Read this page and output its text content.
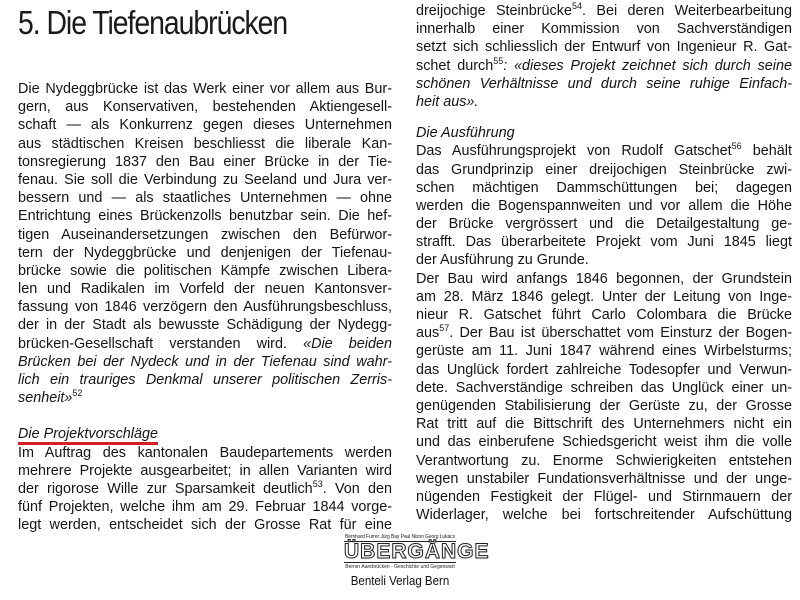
5. Die Tiefenaubrücken
Die Nydeggbrücke ist das Werk einer vor allem aus Bur-
gern, aus Konservativen, bestehenden Aktiengesell-
schaft — als Konkurrenz gegen dieses Unternehmen
aus städtischen Kreisen beschliesst die liberale Kan-
tonsregierung 1837 den Bau einer Brücke in der Tie-
fenau. Sie soll die Verbindung zu Seeland und Jura ver-
bessern und — als staatliches Unternehmen — ohne
Entrichtung eines Brückenzolls benutzbar sein. Die hef-
tigen Auseinandersetzungen zwischen den Befürwor-
tern der Nydeggbrücke und denjenigen der Tiefenau-
brücke sowie die politischen Kämpfe zwischen Libera-
len und Radikalen im Vorfeld der neuen Kantonsver-
fassung von 1846 verzögern den Ausführungsbeschluss,
der in der Stadt als bewusste Schädigung der Nydegg-
brücken-Gesellschaft verstanden wird. «Die beiden
Brücken bei der Nydeck und in der Tiefenau sind wahr-
lich ein trauriges Denkmal unserer politischen Zerris-
senheit»$^{52}$
Die Projektvorschläge
Im Auftrag des kantonalen Baudepartements werden
mehrere Projekte ausgearbeitet; in allen Varianten wird
der rigorose Wille zur Sparsamkeit deutlich$^{53}$. Von den
fünf Projekten, welche ihm am 29. Februar 1844 vorge-
legt werden, entscheidet sich der Grosse Rat für eine
dreijochige Steinbrücke$^{54}$. Bei deren Weiterbearbeitung
innerhalb einer Kommission von Sachverständigen
setzt sich schliesslich der Entwurf von Ingenieur R. Gat-
schet durch$^{55}$: «dieses Projekt zeichnet sich durch seine
schönen Verhältnisse und durch seine ruhige Einfach-
heit aus».
Die Ausführung
Das Ausführungsprojekt von Rudolf Gatschet$^{56}$ behält
das Grundprinzip einer dreijochigen Steinbrücke zwi-
schen mächtigen Dammschüttungen bei; dagegen
werden die Bogenspannweiten und vor allem die Höhe
der Brücke vergrössert und die Detailgestaltung ge-
strafft. Das überarbeitete Projekt vom Juni 1845 liegt
der Ausführung zu Grunde.
Der Bau wird anfangs 1846 begonnen, der Grundstein
am 28. März 1846 gelegt. Unter der Leitung von Inge-
nieur R. Gatschet führt Carlo Colombara die Brücke
aus$^{57}$. Der Bau ist überschattet vom Einsturz der Bogen-
gerüste am 11. Juni 1847 während eines Wirbelsturms;
das Unglück fordert zahlreiche Todesopfer und Verwun-
dete. Sachverständige schreiben das Unglück einer un-
genügenden Stabilisierung der Gerüste zu, der Grosse
Rat tritt auf die Bittschrift des Unternehmers nicht ein
und das einberufene Schiedsgericht weist ihm die volle
Verantwortung zu. Enorme Schwierigkeiten entstehen
wegen unstabiler Fundationsverhältnisse und der unge-
nügenden Festigkeit der Flügel- und Stirnmauern der
Widerlager, welche bei fortschreitender Aufschüttung
Bernhard Furrer Jürg Bay Paul Nizon Georg Lukács
ÜBERGÄNGE
Berner Aarebrücken - Geschichte und Gegenwart
Benteli Verlag Bern
